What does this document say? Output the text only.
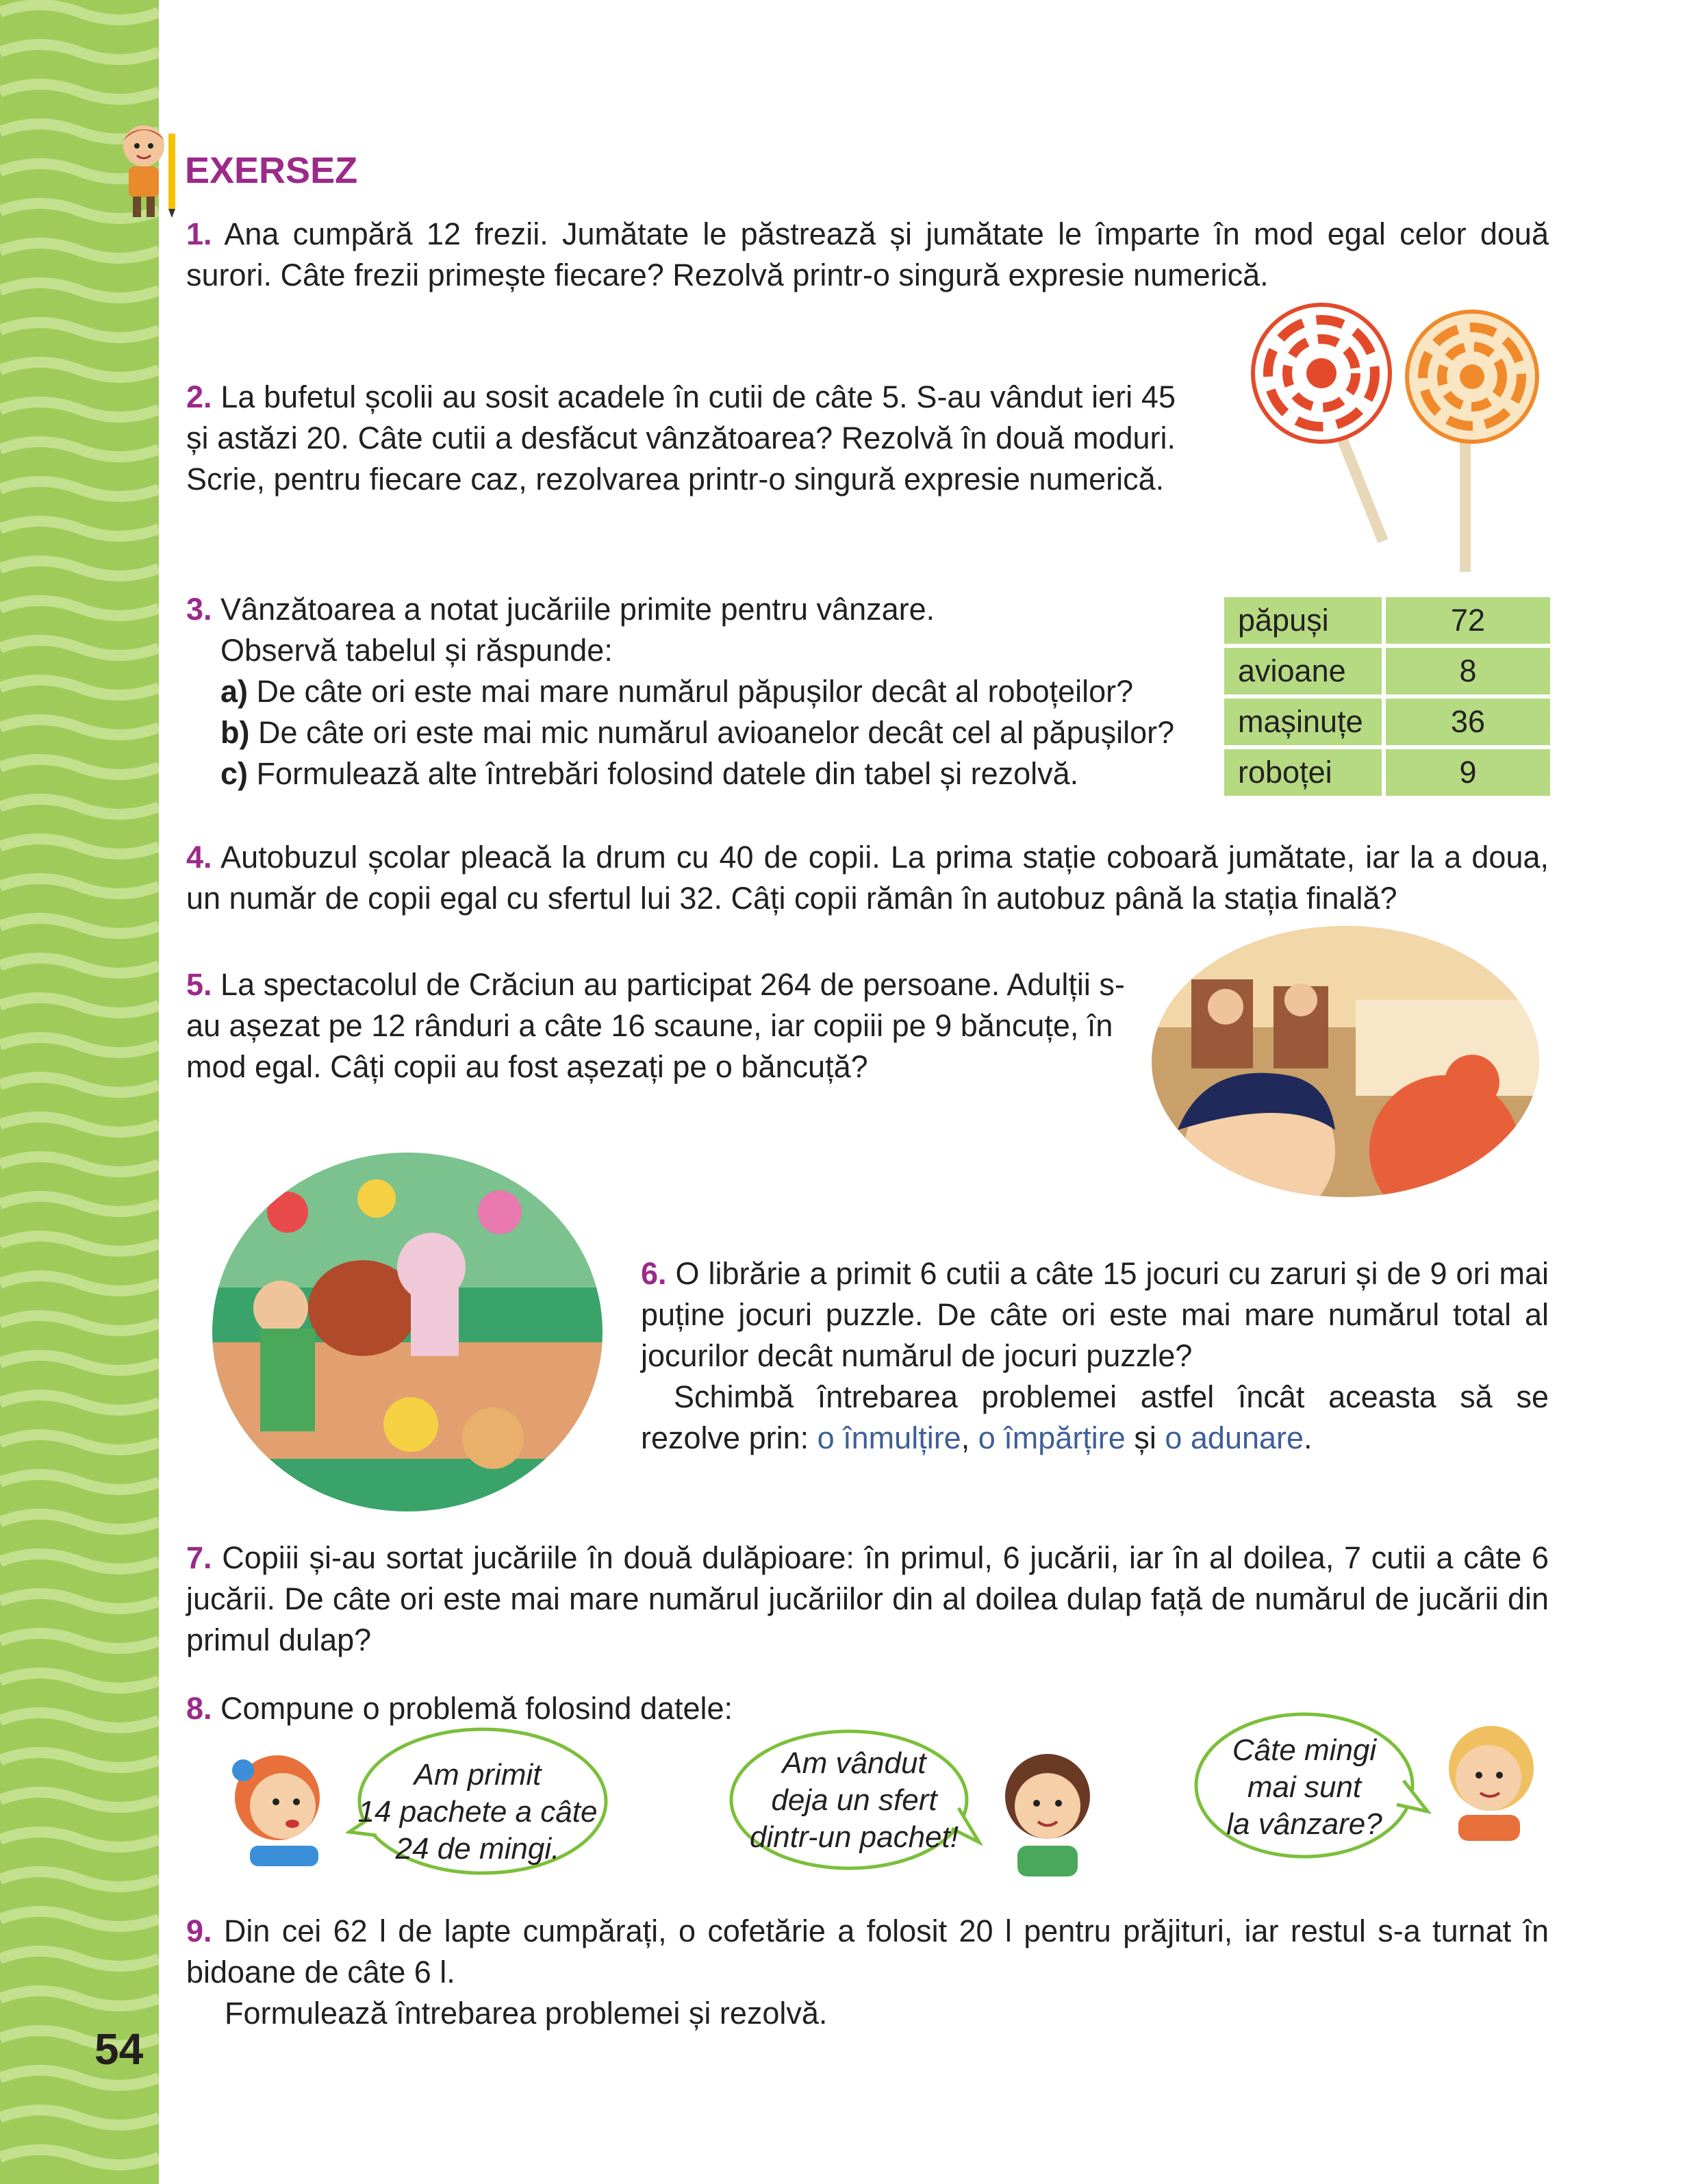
EXERSEZ

1. Ana cumpără 12 frezii. Jumătate le păstrează și jumătate le împarte în mod egal celor două surori. Câte frezii primește fiecare? Rezolvă printr-o singură expresie numerică.

2. La bufetul școlii au sosit acadele în cutii de câte 5. S-au vândut ieri 45 și astăzi 20. Câte cutii a desfăcut vânzătoarea? Rezolvă în două moduri. Scrie, pentru fiecare caz, rezolvarea printr-o singură expresie numerică.

3. Vânzătoarea a notat jucăriile primite pentru vânzare.

Observă tabelul și răspunde:

a) De câte ori este mai mare numărul păpușilor decât al roboțeilor?

b) De câte ori este mai mic numărul avioanelor decât cel al păpușilor?

c) Formulează alte întrebări folosind datele din tabel și rezolvă.

păpuși	72
avioane	8
mașinuțe	36
roboței	9

4. Autobuzul școlar pleacă la drum cu 40 de copii. La prima stație coboară jumătate, iar la a doua, un număr de copii egal cu sfertul lui 32. Câți copii rămân în autobuz până la stația finală?

5. La spectacolul de Crăciun au participat 264 de persoane. Adulții s-au așezat pe 12 rânduri a câte 16 scaune, iar copiii pe 9 băncuțe, în mod egal. Câți copii au fost așezați pe o băncuță?

6. O librărie a primit 6 cutii a câte 15 jocuri cu zaruri și de 9 ori mai puține jocuri puzzle. De câte ori este mai mare numărul total al jocurilor decât numărul de jocuri puzzle?

Schimbă întrebarea problemei astfel încât aceasta să se rezolve prin: o înmulțire, o împărțire și o adunare.

7. Copiii și-au sortat jucăriile în două dulăpioare: în primul, 6 jucării, iar în al doilea, 7 cutii a câte 6 jucării. De câte ori este mai mare numărul jucăriilor din al doilea dulap față de numărul de jucării din primul dulap?

8. Compune o problemă folosind datele:

Am primit
14 pachete a câte
24 de mingi.
Am vândut
deja un sfert
dintr-un pachet!
Câte mingi
mai sunt
la vânzare?

9. Din cei 62 l de lapte cumpărați, o cofetărie a folosit 20 l pentru prăjituri, iar restul s-a turnat în bidoane de câte 6 l.

Formulează întrebarea problemei și rezolvă.

54
